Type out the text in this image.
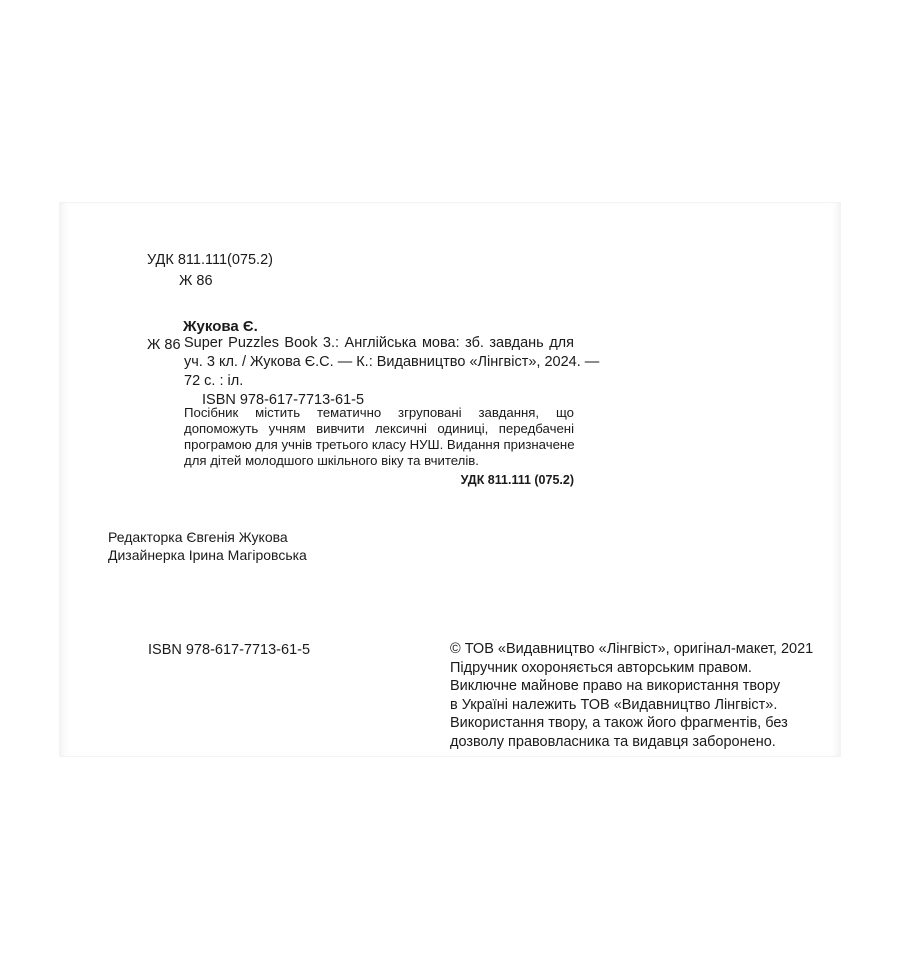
УДК 811.111(075.2)
Ж 86
Жукова Є.
Ж 86 Super Puzzles Book 3.: Англійська мова: зб. завдань для
уч. 3 кл. / Жукова Є.С. — К.: Видавництво «Лінгвіст», 2024. —
72 с. : іл.
ISBN 978-617-7713-61-5
Посібник містить тематично згруповані завдання, що
допоможуть учням вивчити лексичні одиниці, передбачені
програмою для учнів третього класу НУШ. Видання призначене
для дітей молодшого шкільного віку та вчителів.
УДК 811.111 (075.2)
Редакторка Євгенія Жукова
Дизайнерка Ірина Магіровська
ISBN 978-617-7713-61-5	© ТОВ «Видавництво «Лінгвіст», оригінал-макет, 2021
Підручник охороняється авторським правом.
Виключне майнове право на використання твору
в Україні належить ТОВ «Видавництво Лінгвіст».
Використання твору, а також його фрагментів, без
дозволу правовласника та видавця заборонено.
